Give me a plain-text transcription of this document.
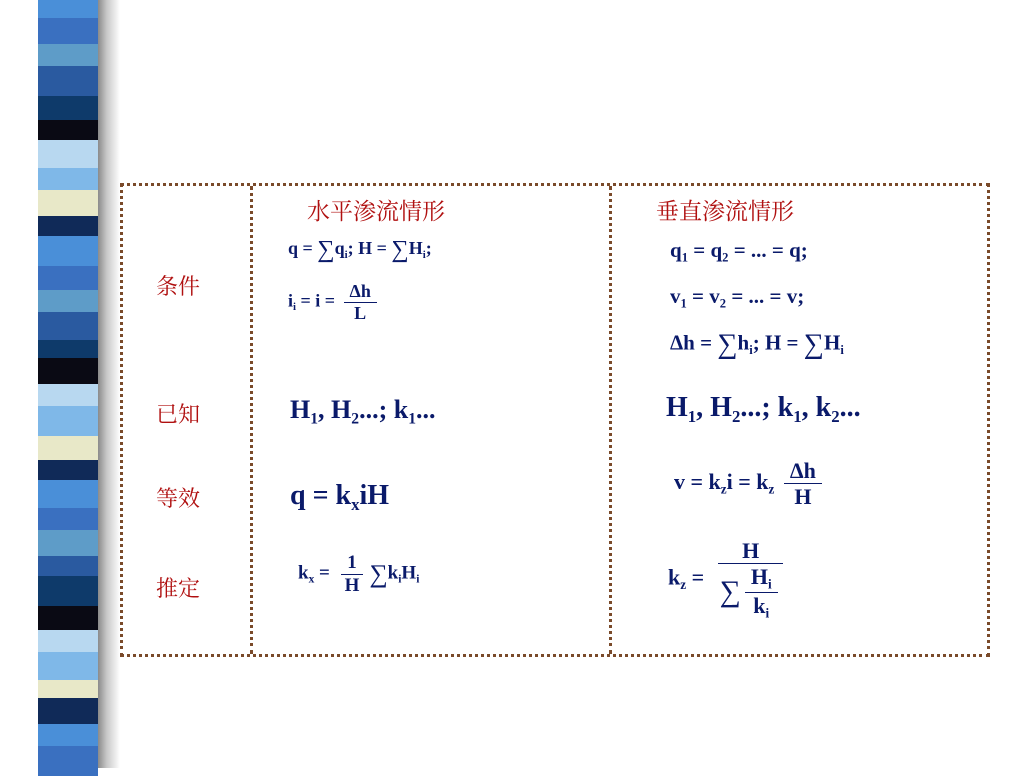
水平渗流情形	垂直渗流情形
条件
已知
等效
推定
$q = \sum q_i$; $H = \sum H_i$;
$i_i = i = \frac{\Delta h}{L}$
$H_1$, $H_2$...; $k_1$...
$q = k_xiH$
$k_x = \frac{1}{H} \sum k_iH_i$
$q_1 = q_2$ = ... = q;
$v_1 = v_2$ = ... = v;
$\Delta h = \sum h_i$; $H = \sum H_i$
$H_1$, $H_2$...; $k_1$, $k_2$...
$v = k_zi = k_z \frac{\Delta h}{H}$
$k_z = \frac{H}{\sum \frac{H_i}{k_i}}$
